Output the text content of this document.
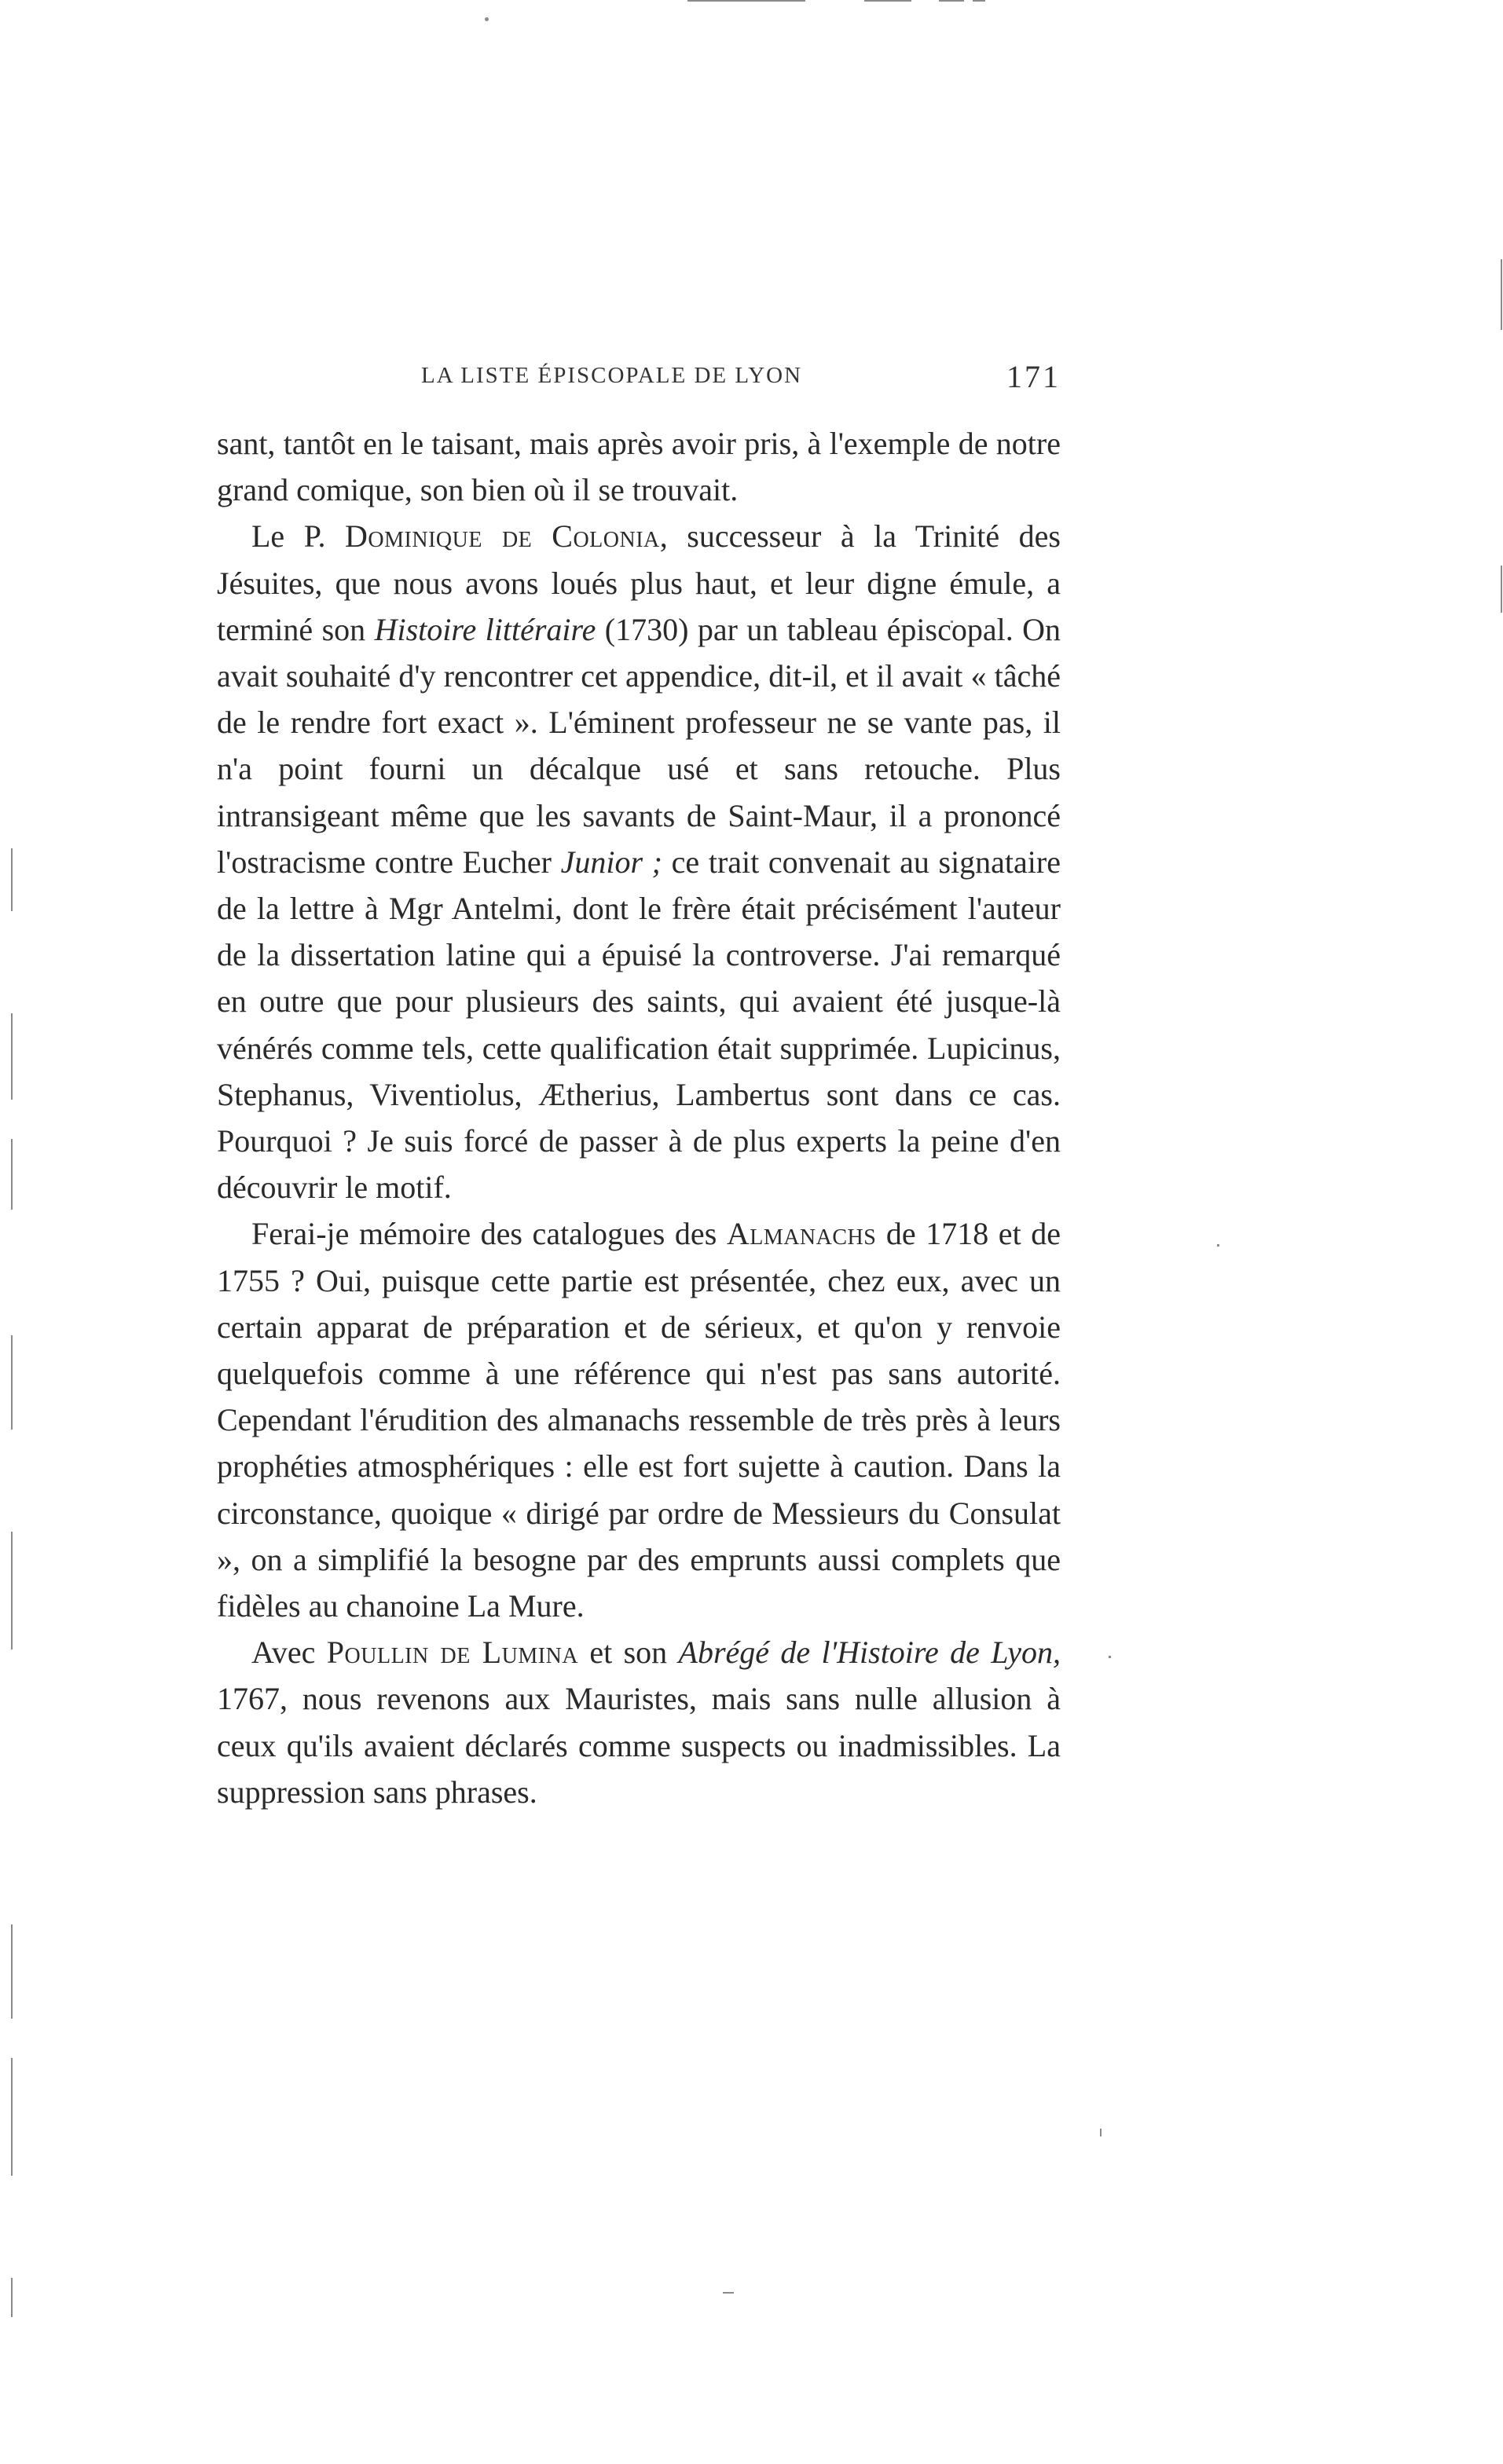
LA LISTE ÉPISCOPALE DE LYON	171

sant, tantôt en le taisant, mais après avoir pris, à l'exemple de notre grand comique, son bien où il se trouvait.

Le P. Dominique de Colonia, successeur à la Trinité des Jésuites, que nous avons loués plus haut, et leur digne émule, a terminé son Histoire littéraire (1730) par un tableau épiscopal. On avait souhaité d'y rencontrer cet appendice, dit-il, et il avait « tâché de le rendre fort exact ». L'éminent professeur ne se vante pas, il n'a point fourni un décalque usé et sans retouche. Plus intransigeant même que les savants de Saint-Maur, il a prononcé l'ostracisme contre Eucher Junior ; ce trait convenait au signataire de la lettre à Mgr Antelmi, dont le frère était précisément l'auteur de la dissertation latine qui a épuisé la controverse. J'ai remarqué en outre que pour plusieurs des saints, qui avaient été jusque-là vénérés comme tels, cette qualification était supprimée. Lupicinus, Stephanus, Viventiolus, Ætherius, Lambertus sont dans ce cas. Pourquoi ? Je suis forcé de passer à de plus experts la peine d'en découvrir le motif.

Ferai-je mémoire des catalogues des Almanachs de 1718 et de 1755 ? Oui, puisque cette partie est présentée, chez eux, avec un certain apparat de préparation et de sérieux, et qu'on y renvoie quelquefois comme à une référence qui n'est pas sans autorité. Cependant l'érudition des almanachs ressemble de très près à leurs prophéties atmosphériques : elle est fort sujette à caution. Dans la circonstance, quoique « dirigé par ordre de Messieurs du Consulat », on a simplifié la besogne par des emprunts aussi complets que fidèles au chanoine La Mure.

Avec Poullin de Lumina et son Abrégé de l'Histoire de Lyon, 1767, nous revenons aux Mauristes, mais sans nulle allusion à ceux qu'ils avaient déclarés comme suspects ou inadmissibles. La suppression sans phrases.
